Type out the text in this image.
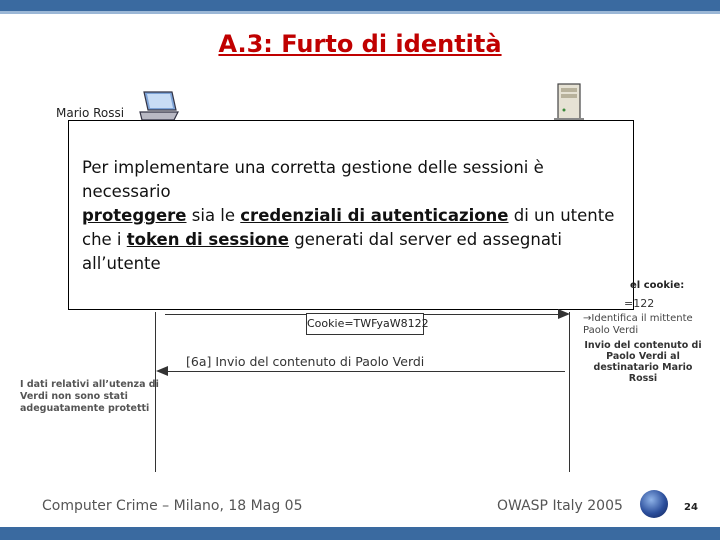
A.3: Furto di identità
Mario Rossi
Per implementare una corretta gestione delle sessioni è necessario
proteggere sia le credenziali di autenticazione di un utente
che i token di sessione generati dal server ed assegnati all’utente
el cookie:
=122
Cookie=TWFyaW8122	→Identifica il mittente Paolo Verdi
[6a] Invio del contenuto di Paolo Verdi
Invio del contenuto di Paolo Verdi al destinatario Mario Rossi
I dati relativi all’utenza di Verdi non sono stati adeguatamente protetti
Computer Crime – Milano, 18 Mag 05	OWASP Italy 2005	24
